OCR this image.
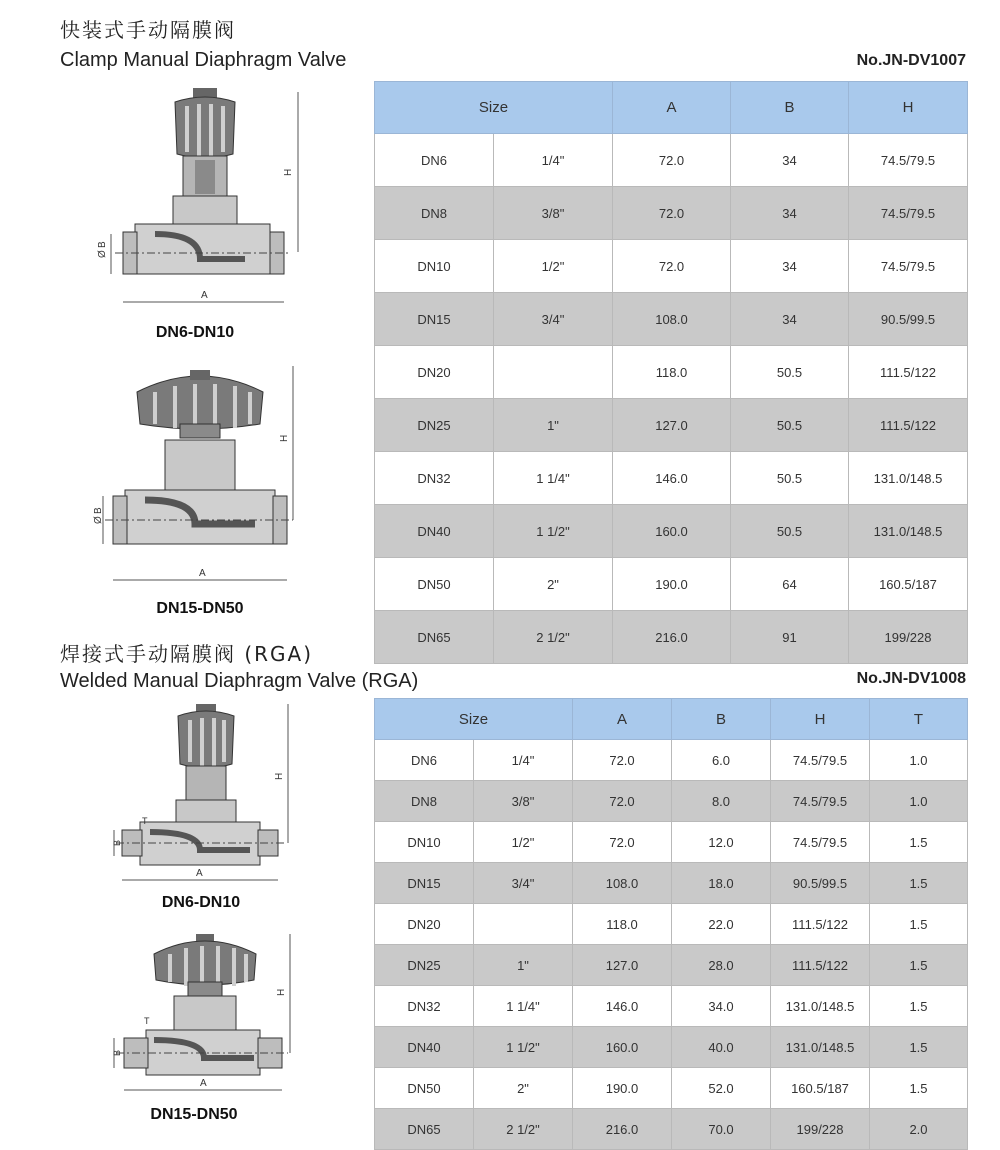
快装式手动隔膜阀
Clamp Manual Diaphragm Valve	No.JN-DV1007
H
Ø
B
A
DN6-DN10
H
Ø
B
A
DN15-DN50
Size		A	B	H
DN6	1/4"	72.0	34	74.5/79.5
DN8	3/8"	72.0	34	74.5/79.5
DN10	1/2"	72.0	34	74.5/79.5
DN15	3/4"	108.0	34	90.5/99.5
DN20		118.0	50.5	111.5/122
DN25	1"	127.0	50.5	111.5/122
DN32	1 1/4"	146.0	50.5	131.0/148.5
DN40	1 1/2"	160.0	50.5	131.0/148.5
DN50	2"	190.0	64	160.5/187
DN65	2 1/2"	216.0	91	199/228
焊接式手动隔膜阀 (RGA)
Welded Manual Diaphragm Valve (RGA)	No.JN-DV1008
H
B
T
A
DN6-DN10
H
B
T
A
DN15-DN50
Size		A	B	H	T
DN6	1/4"	72.0	6.0	74.5/79.5	1.0
DN8	3/8"	72.0	8.0	74.5/79.5	1.0
DN10	1/2"	72.0	12.0	74.5/79.5	1.5
DN15	3/4"	108.0	18.0	90.5/99.5	1.5
DN20		118.0	22.0	111.5/122	1.5
DN25	1"	127.0	28.0	111.5/122	1.5
DN32	1 1/4"	146.0	34.0	131.0/148.5	1.5
DN40	1 1/2"	160.0	40.0	131.0/148.5	1.5
DN50	2"	190.0	52.0	160.5/187	1.5
DN65	2 1/2"	216.0	70.0	199/228	2.0
